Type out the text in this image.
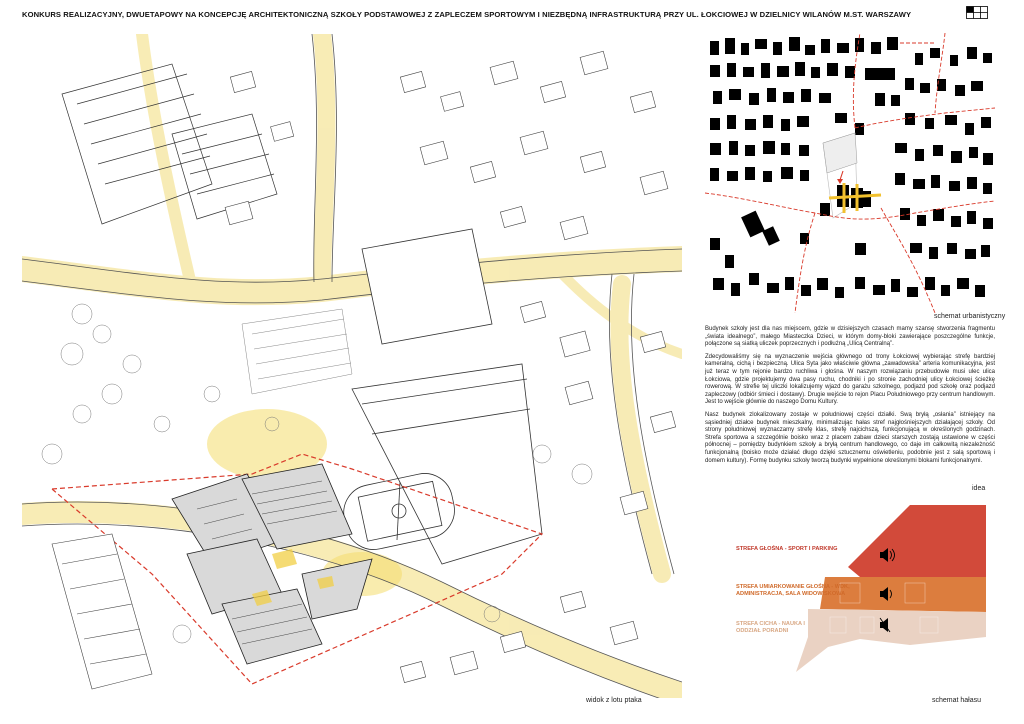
KONKURS REALIZACYJNY, DWUETAPOWY NA KONCEPCJĘ ARCHITEKTONICZNĄ SZKOŁY PODSTAWOWEJ Z ZAPLECZEM SPORTOWYM I NIEZBĘDNĄ INFRASTRUKTURĄ PRZY UL. ŁOKCIOWEJ W DZIELNICY WILANÓW M.ST. WARSZAWY
widok z lotu ptaka
schemat urbanistyczny

Budynek szkoły jest dla nas miejscem, gdzie w dzisiejszych czasach mamy szansę stworzenia fragmentu „świata idealnego”, małego Miasteczka Dzieci, w którym domy-bloki zawierające poszczególne funkcje, połączone są siatką uliczek poprzecznych i podłużną „Ulicą Centralną”.

Zdecydowaliśmy się na wyznaczenie wejścia głównego od trony Łokciowej wybierając strefę bardziej kameralną, cichą i bezpieczną. Ulica Syta jako właściwie główna „zawadowska” arteria komunikacyjna, jest już teraz w tym rejonie bardzo ruchliwa i głośna. W naszym rozwiązaniu przebudowie musi ulec ulica Łokciowa, gdzie projektujemy dwa pasy ruchu, chodniki i po stronie zachodniej ulicy Łokciowej ścieżkę rowerową. W strefie tej uliczki lokalizujemy wjazd do garażu szkolnego, podjazd pod szkołę oraz podjazd zapleczowy (odbiór śmieci i dostawy). Drugie wejście to rejon Placu Południowego przy centrum handlowym. Jest to wejście głównie do naszego Domu Kultury.

Nasz budynek zlokalizowany zostaje w południowej części działki. Swą bryłą „osłania” istniejący na sąsiedniej działce budynek mieszkalny, minimalizując hałas stref najgłośniejszych działającej szkoły. Od strony południowej wyznaczamy strefę klas, strefę najcichszą, funkcjonującą w określonych godzinach. Strefa sportowa a szczególnie boisko wraz z placem zabaw dzieci starszych zostają ustawione w części północnej – pomiędzy budynkiem szkoły a bryłą centrum handlowego, co daje im całkowitą niezależność funkcjonalną (boisko może działać długo dzięki sztucznemu oświetleniu, podobnie jest z salą sportową i domem kultury). Formę budynku szkoły tworzą budynki wypełnione określonymi blokami funkcjonalnymi.

idea
STREFA GŁOŚNA - SPORT I PARKING
STREFA UMIARKOWANIE GŁOŚNA - WDK,
ADMINISTRACJA, SALA WIDOWISKOWA
STREFA CICHA - NAUKA I
ODDZIAŁ PORADNI
schemat hałasu
